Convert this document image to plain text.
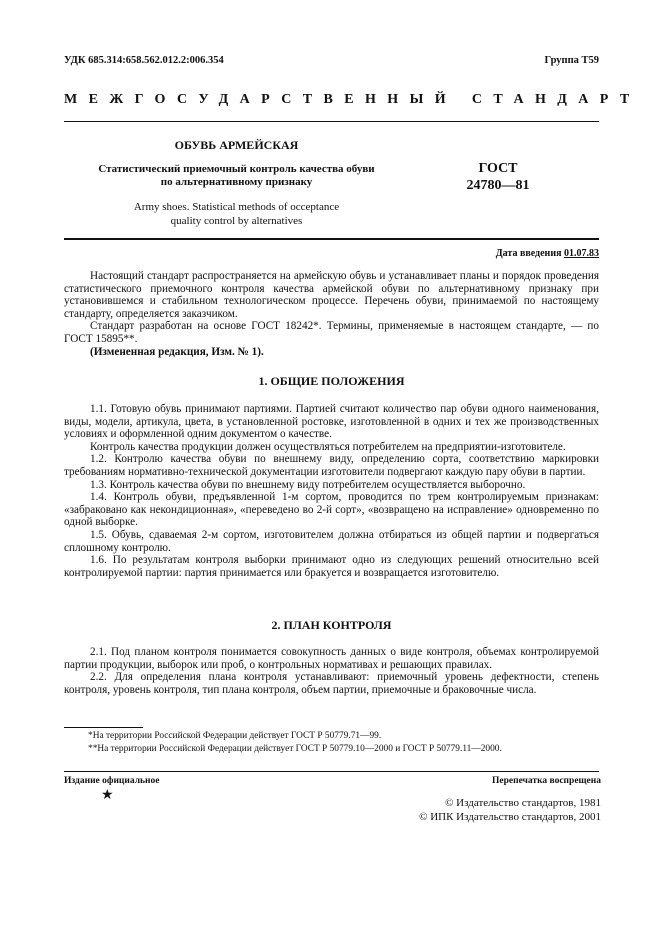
УДК 685.314:658.562.012.2:006.354	Группа Т59
МЕЖГОСУДАРСТВЕННЫЙ СТАНДАРТ
ОБУВЬ АРМЕЙСКАЯ
Статистический приемочный контроль качества обуви
по альтернативному признаку
Army shoes. Statistical methods of occeptance
quality control by alternatives
ГОСТ
24780—81
Дата введения 01.07.83

Настоящий стандарт распространяется на армейскую обувь и устанавливает планы и порядок проведения статистического приемочного контроля качества армейской обуви по альтернативному признаку при установившемся и стабильном технологическом процессе. Перечень обуви, принимаемой по настоящему стандарту, определяется заказчиком.

Стандарт разработан на основе ГОСТ 18242*. Термины, применяемые в настоящем стандарте, — по ГОСТ 15895**.

(Измененная редакция, Изм. № 1).

1. ОБЩИЕ ПОЛОЖЕНИЯ

1.1. Готовую обувь принимают партиями. Партией считают количество пар обуви одного наименования, виды, модели, артикула, цвета, в установленной ростовке, изготовленной в одних и тех же производственных условиях и оформленной одним документом о качестве.

Контроль качества продукции должен осуществляться потребителем на предприятии-изготовителе.

1.2. Контролю качества обуви по внешнему виду, определению сорта, соответствию маркировки требованиям нормативно-технической документации изготовители подвергают каждую пару обуви в партии.

1.3. Контроль качества обуви по внешнему виду потребителем осуществляется выборочно.

1.4. Контроль обуви, предъявленной 1-м сортом, проводится по трем контролируемым признакам: «забраковано как некондиционная», «переведено во 2-й сорт», «возвращено на исправление» одновременно по одной выборке.

1.5. Обувь, сдаваемая 2-м сортом, изготовителем должна отбираться из общей партии и подвергаться сплошному контролю.

1.6. По результатам контроля выборки принимают одно из следующих решений относительно всей контролируемой партии: партия принимается или бракуется и возвращается изготовителю.

2. ПЛАН КОНТРОЛЯ

2.1. Под планом контроля понимается совокупность данных о виде контроля, объемах контролируемой партии продукции, выборок или проб, о контрольных нормативах и решающих правилах.

2.2. Для определения плана контроля устанавливают: приемочный уровень дефектности, степень контроля, уровень контроля, тип плана контроля, объем партии, приемочные и браковочные числа.

*На территории Российской Федерации действует ГОСТ Р 50779.71—99.

**На территории Российской Федерации действует ГОСТ Р 50779.10—2000 и ГОСТ Р 50779.11—2000.

Издание официальное	Перепечатка воспрещена
★	© Издательство стандартов, 1981
© ИПК Издательство стандартов, 2001
